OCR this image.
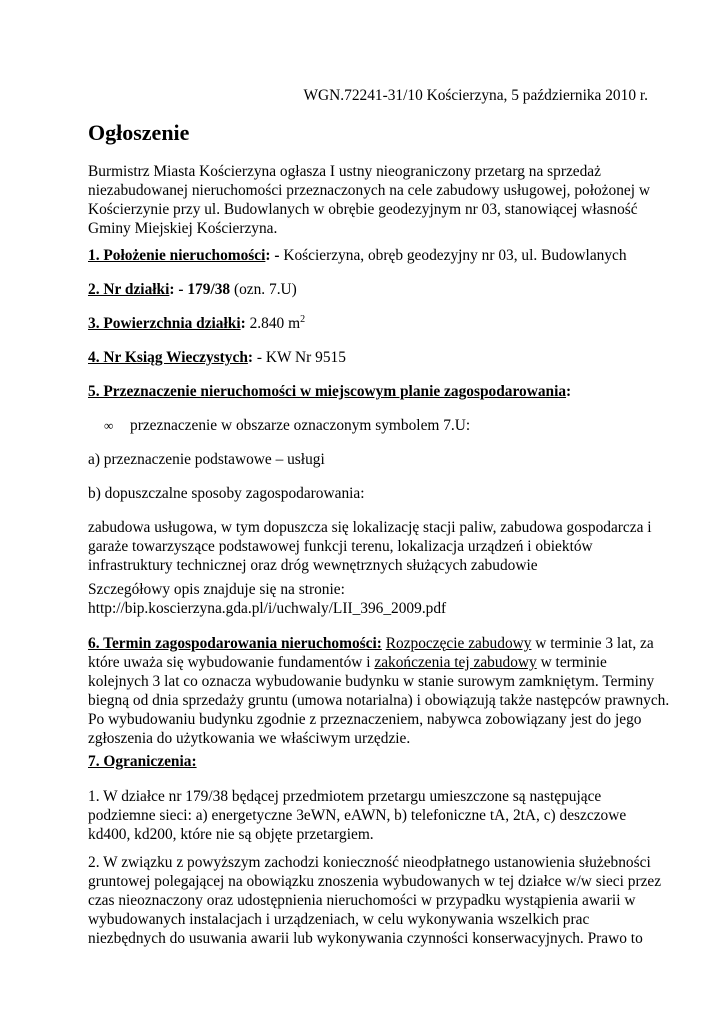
WGN.72241-31/10 Kościerzyna, 5 października 2010 r.
Ogłoszenie
Burmistrz Miasta Kościerzyna ogłasza I ustny nieograniczony przetarg na sprzedaż
niezabudowanej nieruchomości przeznaczonych na cele zabudowy usługowej, położonej w
Kościerzynie przy ul. Budowlanych w obrębie geodezyjnym nr 03, stanowiącej własność
Gminy Miejskiej Kościerzyna.
1. Położenie nieruchomości: - Kościerzyna, obręb geodezyjny nr 03, ul. Budowlanych
2. Nr działki: - 179/38 (ozn. 7.U)
3. Powierzchnia działki: 2.840 $m^2$
4. Nr Ksiąg Wieczystych: - KW Nr 9515
5. Przeznaczenie nieruchomości w miejscowym planie zagospodarowania:
∞ przeznaczenie w obszarze oznaczonym symbolem 7.U:
a) przeznaczenie podstawowe – usługi
b) dopuszczalne sposoby zagospodarowania:
zabudowa usługowa, w tym dopuszcza się lokalizację stacji paliw, zabudowa gospodarcza i
garaże towarzyszące podstawowej funkcji terenu, lokalizacja urządzeń i obiektów
infrastruktury technicznej oraz dróg wewnętrznych służących zabudowie
Szczegółowy opis znajduje się na stronie:
http://bip.koscierzyna.gda.pl/i/uchwaly/LII_396_2009.pdf
6. Termin zagospodarowania nieruchomości: Rozpoczęcie zabudowy w terminie 3 lat, za
które uważa się wybudowanie fundamentów i zakończenia tej zabudowy w terminie
kolejnych 3 lat co oznacza wybudowanie budynku w stanie surowym zamkniętym. Terminy
biegną od dnia sprzedaży gruntu (umowa notarialna) i obowiązują także następców prawnych.
Po wybudowaniu budynku zgodnie z przeznaczeniem, nabywca zobowiązany jest do jego
zgłoszenia do użytkowania we właściwym urzędzie.
7. Ograniczenia:
1. W działce nr 179/38 będącej przedmiotem przetargu umieszczone są następujące
podziemne sieci: a) energetyczne 3eWN, eAWN, b) telefoniczne tA, 2tA, c) deszczowe
kd400, kd200, które nie są objęte przetargiem.
2. W związku z powyższym zachodzi konieczność nieodpłatnego ustanowienia służebności
gruntowej polegającej na obowiązku znoszenia wybudowanych w tej działce w/w sieci przez
czas nieoznaczony oraz udostępnienia nieruchomości w przypadku wystąpienia awarii w
wybudowanych instalacjach i urządzeniach, w celu wykonywania wszelkich prac
niezbędnych do usuwania awarii lub wykonywania czynności konserwacyjnych. Prawo to
